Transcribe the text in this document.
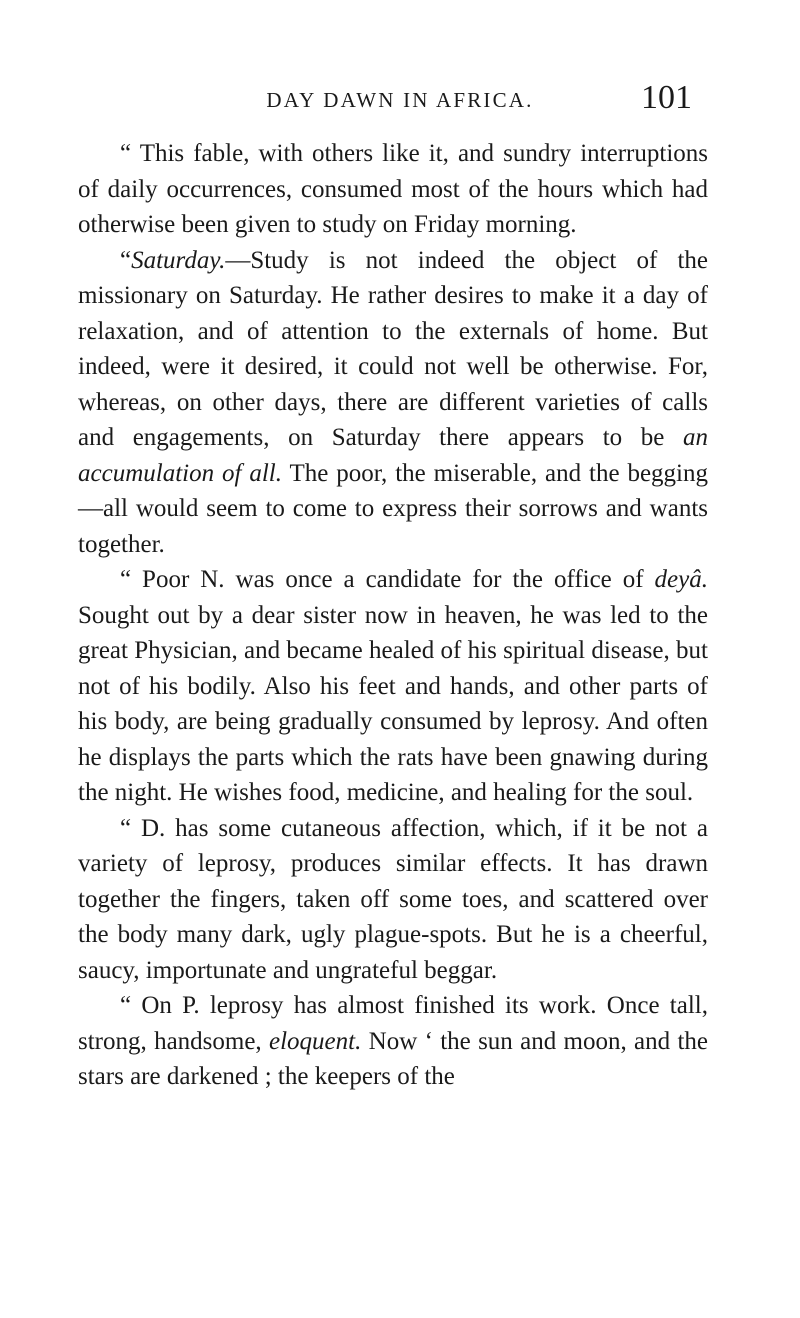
DAY DAWN IN AFRICA.	101

“ This fable, with others like it, and sundry interruptions of daily occurrences, consumed most of the hours which had otherwise been given to study on Friday morning.

“Saturday.—Study is not indeed the object of the missionary on Saturday. He rather desires to make it a day of relaxation, and of attention to the externals of home. But indeed, were it desired, it could not well be otherwise. For, whereas, on other days, there are different varieties of calls and engagements, on Saturday there appears to be an accumulation of all. The poor, the miserable, and the begging—all would seem to come to express their sorrows and wants together.

“ Poor N. was once a candidate for the office of deyâ. Sought out by a dear sister now in heaven, he was led to the great Physician, and became healed of his spiritual disease, but not of his bodily. Also his feet and hands, and other parts of his body, are being gradually consumed by leprosy. And often he displays the parts which the rats have been gnawing during the night. He wishes food, medicine, and healing for the soul.

“ D. has some cutaneous affection, which, if it be not a variety of leprosy, produces similar effects. It has drawn together the fingers, taken off some toes, and scattered over the body many dark, ugly plague-spots. But he is a cheerful, saucy, importunate and ungrateful beggar.

“ On P. leprosy has almost finished its work. Once tall, strong, handsome, eloquent. Now ‘ the sun and moon, and the stars are darkened ; the keepers of the
